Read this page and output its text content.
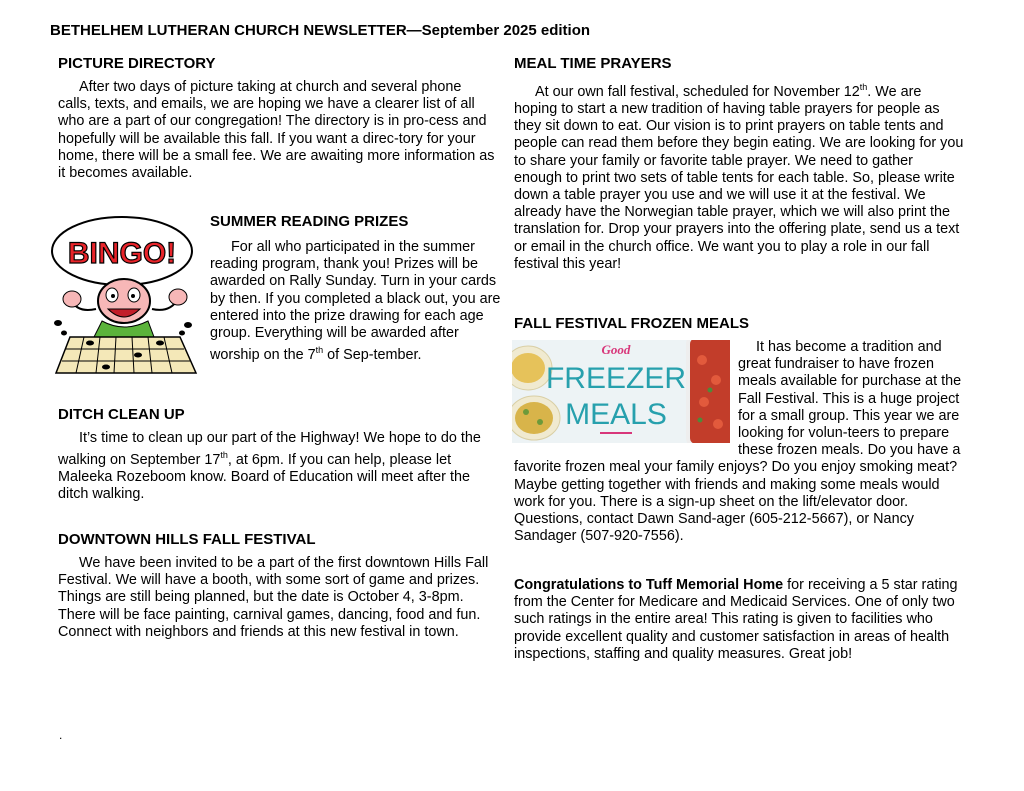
BETHELHEM LUTHERAN CHURCH NEWSLETTER—September 2025 edition
PICTURE DIRECTORY

After two days of picture taking at church and several phone calls, texts, and emails, we are hoping we have a clearer list of all who are a part of our congregation! The directory is in pro-cess and hopefully will be available this fall. If you want a direc-tory for your home, there will be a small fee. We are awaiting more information as it becomes available.

BINGO!
SUMMER READING PRIZES

For all who participated in the summer reading program, thank you! Prizes will be awarded on Rally Sunday. Turn in your cards by then. If you completed a black out, you are entered into the prize drawing for each age group. Everything will be awarded after worship on the 7th of Sep-tember.

DITCH CLEAN UP

It’s time to clean up our part of the Highway! We hope to do the walking on September 17th, at 6pm. If you can help, please let Maleeka Rozeboom know. Board of Education will meet after the ditch walking.

DOWNTOWN HILLS FALL FESTIVAL

We have been invited to be a part of the first downtown Hills Fall Festival. We will have a booth, with some sort of game and prizes. Things are still being planned, but the date is October 4, 3-8pm. There will be face painting, carnival games, dancing, food and fun. Connect with neighbors and friends at this new festival in town.

MEAL TIME PRAYERS

At our own fall festival, scheduled for November 12th. We are hoping to start a new tradition of having table prayers for people as they sit down to eat. Our vision is to print prayers on table tents and people can read them before they begin eating. We are looking for you to share your family or favorite table prayer. We need to gather enough to print two sets of table tents for each table. So, please write down a table prayer you use and we will use it at the festival. We already have the Norwegian table prayer, which we will also print the translation for. Drop your prayers into the offering plate, send us a text or email in the church office. We want you to play a role in our fall festival this year!

FALL FESTIVAL FROZEN MEALS
Good
FREEZER
MEALS

It has become a tradition and great fundraiser to have frozen meals available for purchase at the Fall Festival. This is a huge project for a small group. This year we are looking for volun-teers to prepare these frozen meals. Do you have a favorite frozen meal your family enjoys? Do you enjoy smoking meat? Maybe getting together with friends and making some meals would work for you. There is a sign-up sheet on the lift/elevator door. Questions, contact Dawn Sand-ager (605-212-5667), or Nancy Sandager (507-920-7556).

Congratulations to Tuff Memorial Home for receiving a 5 star rating from the Center for Medicare and Medicaid Services. One of only two such ratings in the entire area! This rating is given to facilities who provide excellent quality and customer satisfaction in areas of health inspections, staffing and quality measures. Great job!

.
